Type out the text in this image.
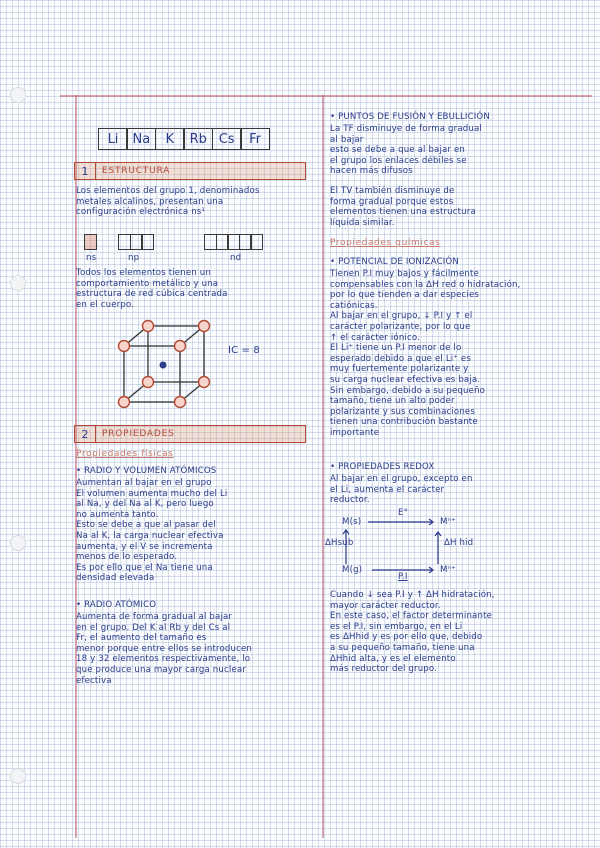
Li	Na	K	Rb Cs	Fr
1	ESTRUCTURA
Los elementos del grupo 1, denominados
metales alcalinos, presentan una
configuración electrónica ns¹
ns	np	nd
Todos los elementos tienen un
comportamiento metálico y una
estructura de red cúbica centrada
en el cuerpo.
IC = 8
2	PROPIEDADES
Propiedades físicas
• RADIO Y VOLUMEN ATÓMICOS
Aumentan al bajar en el grupo
El volumen aumenta mucho del Li
al Na, y del Na al K, pero luego
no aumenta tanto.
Esto se debe a que al pasar del
Na al K, la carga nuclear efectiva
aumenta, y el V se incrementa
menos de lo esperado.
Es por ello que el Na tiene una
densidad elevada
• RADIO ATÓMICO
Aumenta de forma gradual al bajar
en el grupo. Del K al Rb y del Cs al
Fr, el aumento del tamaño es
menor porque entre ellos se introducen
18 y 32 elementos respectivamente, lo
que produce una mayor carga nuclear
efectiva
• PUNTOS DE FUSIÓN Y EBULLICIÓN
La TF disminuye de forma gradual
al bajar
esto se debe a que al bajar en
el grupo los enlaces débiles se
hacen más difusos
El TV también disminuye de
forma gradual porque estos
elementos tienen una estructura
líquida similar.
Propiedades químicas
• POTENCIAL DE IONIZACIÓN
Tienen P.I muy bajos y fácilmente
compensables con la ΔH red o hidratación,
por lo que tienden a dar especies
catiónicas.
Al bajar en el grupo, ↓ P.I y ↑ el
carácter polarizante, por lo que
↑ el carácter iónico.
El Li⁺ tiene un P.I menor de lo
esperado debido a que el Li⁺ es
muy fuertemente polarizante y
su carga nuclear efectiva es baja.
Sin embargo, debido a su pequeño
tamaño, tiene un alto poder
polarizante y sus combinaciones
tienen una contribución bastante
importante
• PROPIEDADES REDOX
Al bajar en el grupo, excepto en
el Li, aumenta el carácter
reductor.
M(s)
E°
Mⁿ⁺
ΔHsub	ΔH hid
M(g)
P.I
Mⁿ⁺
Cuando ↓ sea P.I y ↑ ΔH hidratación,
mayor carácter reductor.
En este caso, el factor determinante
es el P.I, sin embargo, en el Li
es ΔHhid y es por ello que, debido
a su pequeño tamaño, tiene una
ΔHhid alta, y es el elemento
más reductor del grupo.
